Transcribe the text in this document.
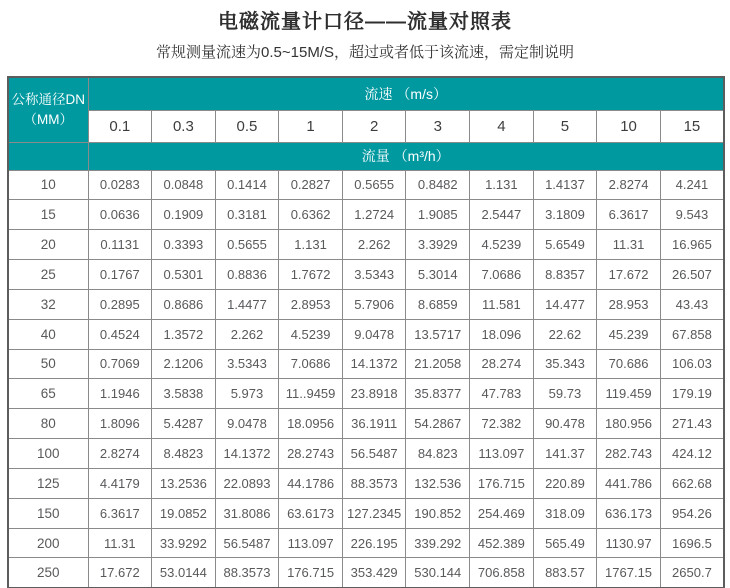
电磁流量计口径——流量对照表

常规测量流速为0.5~15M/S，超过或者低于该流速，需定制说明

公称通径DN
（MM）	流速 （m/s）									
	0.1	0.3	0.5	1	2	3	4	5	10	15
	流量 （m³/h）									
10	0.0283	0.0848	0.1414	0.2827	0.5655	0.8482	1.131	1.4137	2.8274	4.241
15	0.0636	0.1909	0.3181	0.6362	1.2724	1.9085	2.5447	3.1809	6.3617	9.543
20	0.1131	0.3393	0.5655	1.131	2.262	3.3929	4.5239	5.6549	11.31	16.965
25	0.1767	0.5301	0.8836	1.7672	3.5343	5.3014	7.0686	8.8357	17.672	26.507
32	0.2895	0.8686	1.4477	2.8953	5.7906	8.6859	11.581	14.477	28.953	43.43
40	0.4524	1.3572	2.262	4.5239	9.0478	13.5717	18.096	22.62	45.239	67.858
50	0.7069	2.1206	3.5343	7.0686	14.1372	21.2058	28.274	35.343	70.686	106.03
65	1.1946	3.5838	5.973	11..9459	23.8918	35.8377	47.783	59.73	119.459	179.19
80	1.8096	5.4287	9.0478	18.0956	36.1911	54.2867	72.382	90.478	180.956	271.43
100	2.8274	8.4823	14.1372	28.2743	56.5487	84.823	113.097	141.37	282.743	424.12
125	4.4179	13.2536	22.0893	44.1786	88.3573	132.536	176.715	220.89	441.786	662.68
150	6.3617	19.0852	31.8086	63.6173	127.2345	190.852	254.469	318.09	636.173	954.26
200	11.31	33.9292	56.5487	113.097	226.195	339.292	452.389	565.49	1130.97	1696.5
250	17.672	53.0144	88.3573	176.715	353.429	530.144	706.858	883.57	1767.15	2650.7
